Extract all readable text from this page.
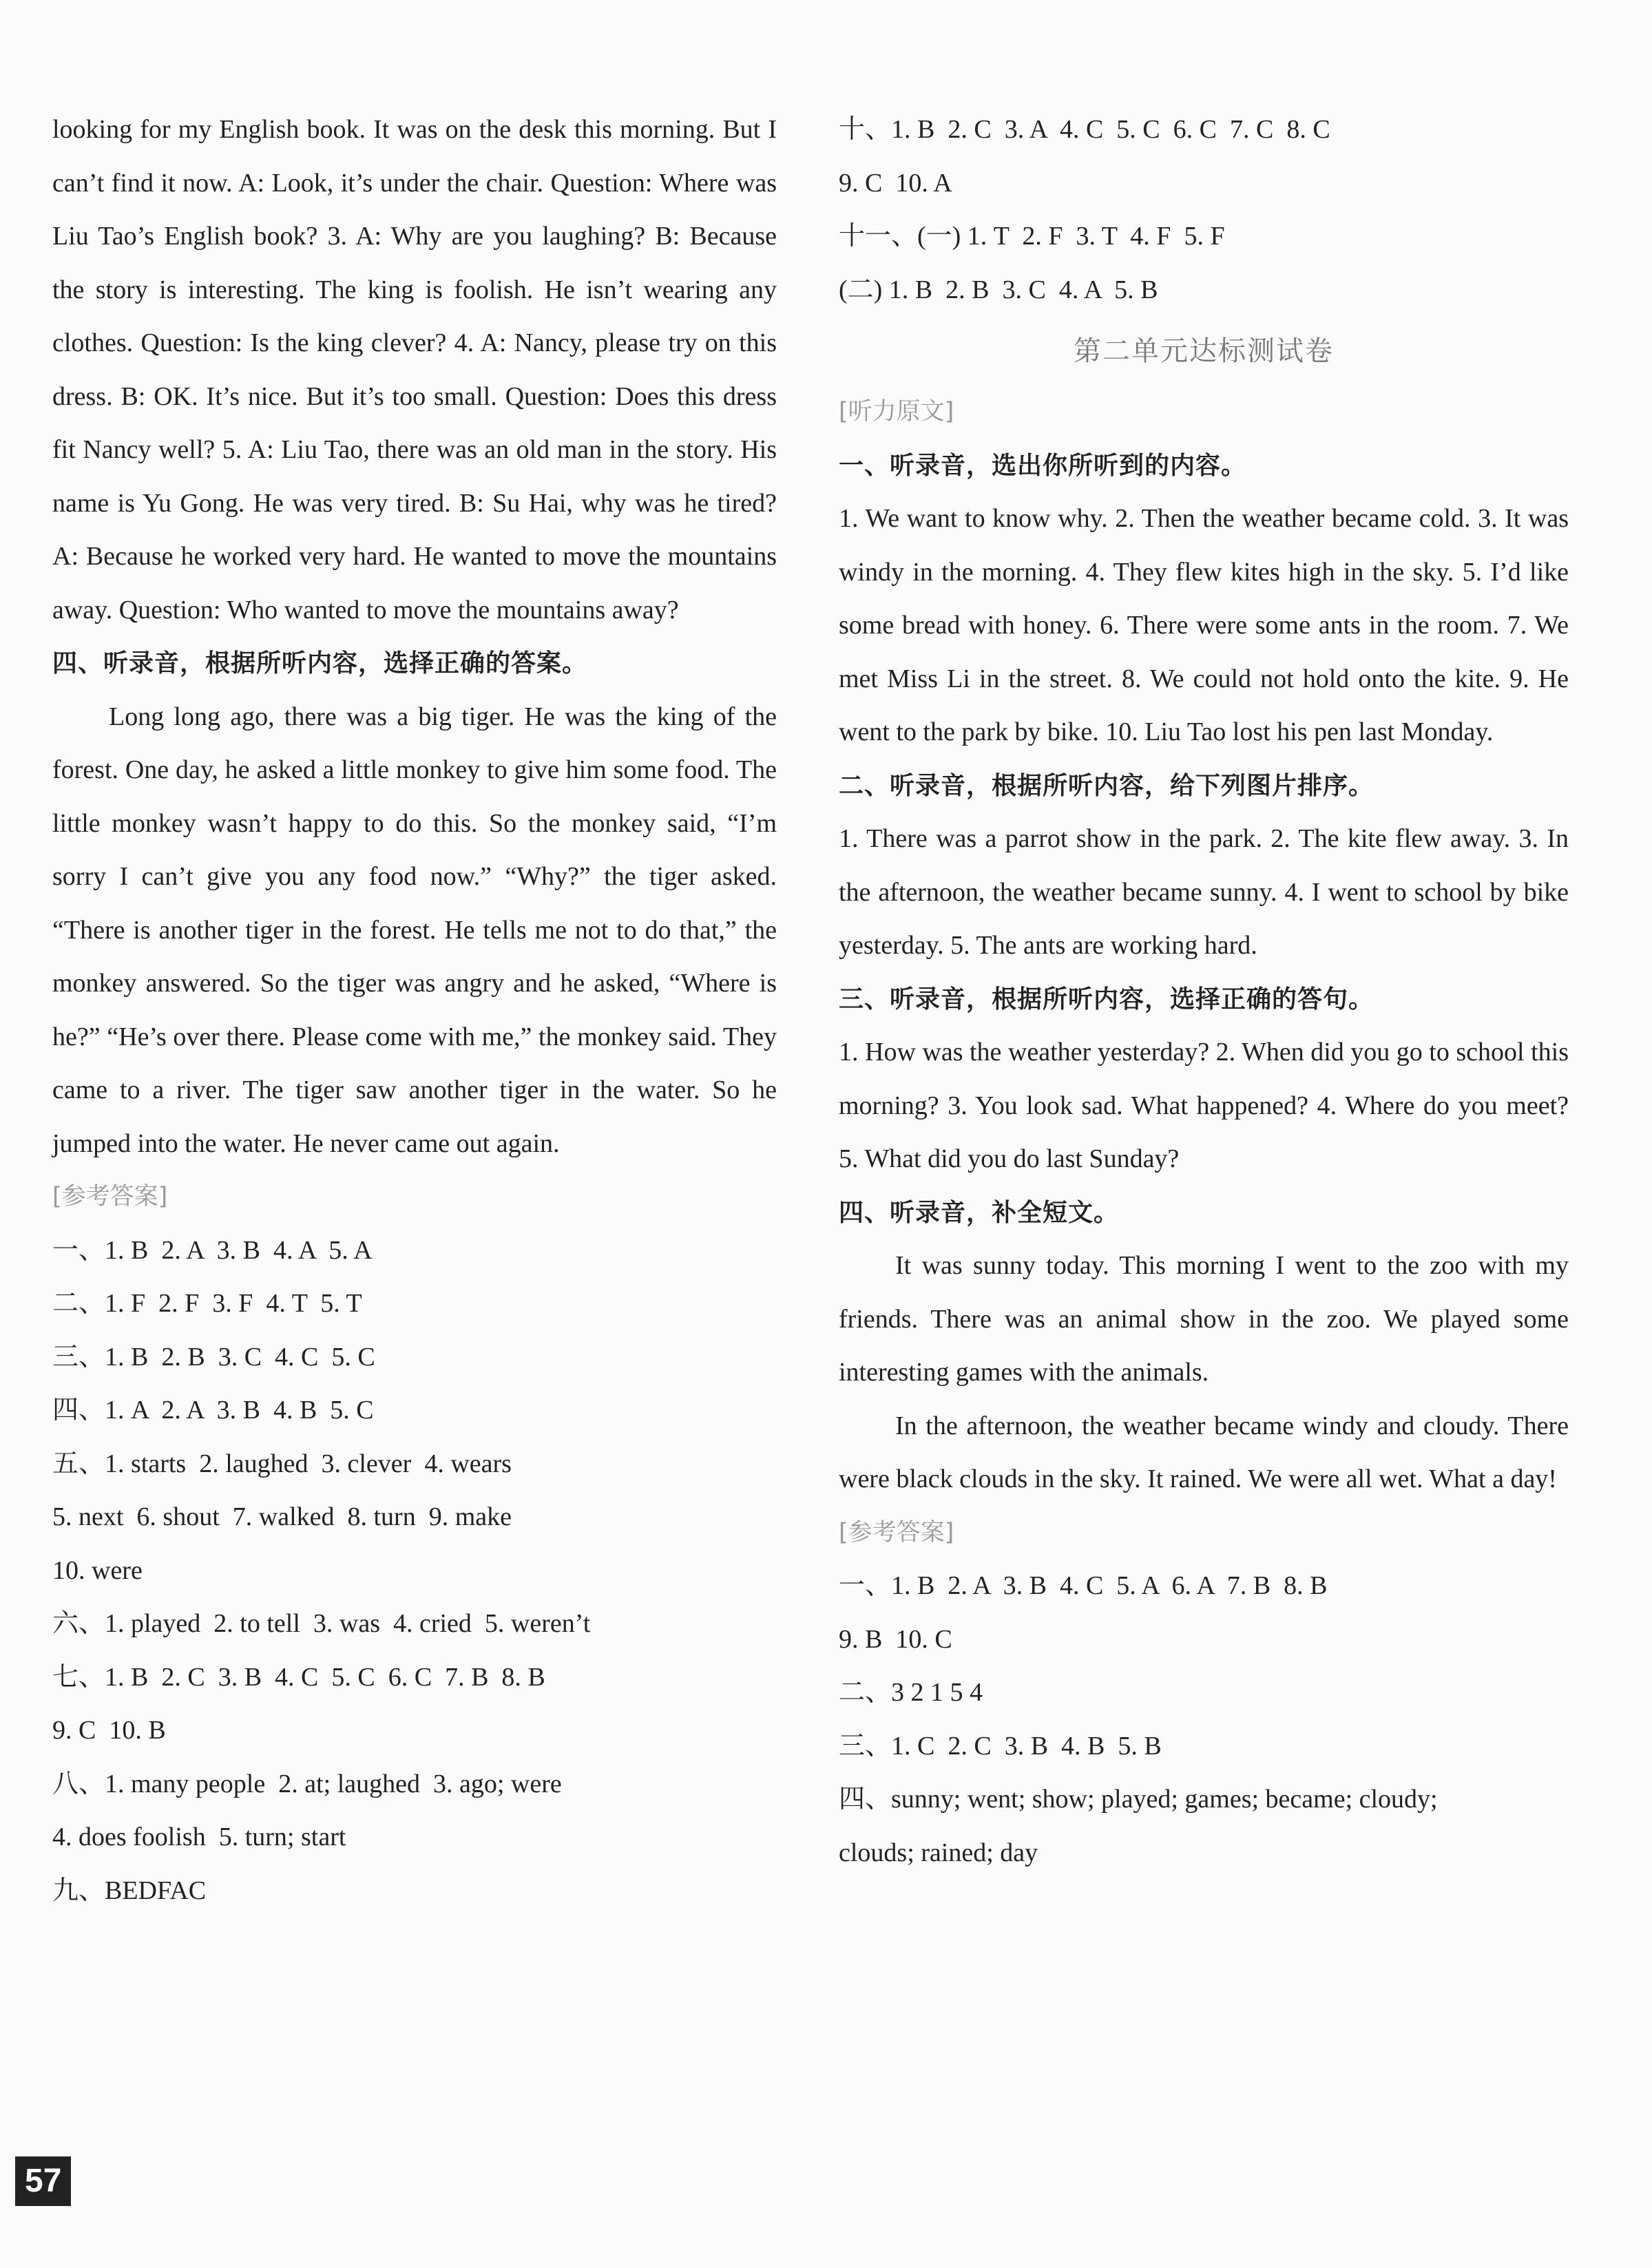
looking for my English book. It was on the desk this morning. But I can’t find it now. A: Look, it’s under the chair. Question: Where was Liu Tao’s English book? 3. A: Why are you laughing? B: Because the story is interesting. The king is foolish. He isn’t wearing any clothes. Question: Is the king clever? 4. A: Nancy, please try on this dress. B: OK. It’s nice. But it’s too small. Question: Does this dress fit Nancy well? 5. A: Liu Tao, there was an old man in the story. His name is Yu Gong. He was very tired. B: Su Hai, why was he tired? A: Because he worked very hard. He wanted to move the mountains away. Question: Who wanted to move the mountains away?

四、听录音，根据所听内容，选择正确的答案。

Long long ago, there was a big tiger. He was the king of the forest. One day, he asked a little monkey to give him some food. The little monkey wasn’t happy to do this. So the monkey said, “I’m sorry I can’t give you any food now.” “Why?” the tiger asked. “There is another tiger in the forest. He tells me not to do that,” the monkey answered. So the tiger was angry and he asked, “Where is he?” “He’s over there. Please come with me,” the monkey said. They came to a river. The tiger saw another tiger in the water. So he jumped into the water. He never came out again.

[参考答案]

一、1. B  2. A  3. B  4. A  5. A

二、1. F  2. F  3. F  4. T  5. T

三、1. B  2. B  3. C  4. C  5. C

四、1. A  2. A  3. B  4. B  5. C

五、1. starts  2. laughed  3. clever  4. wears

5. next  6. shout  7. walked  8. turn  9. make

10. were

六、1. played  2. to tell  3. was  4. cried  5. weren’t

七、1. B  2. C  3. B  4. C  5. C  6. C  7. B  8. B

9. C  10. B

八、1. many people  2. at; laughed  3. ago; were

4. does foolish  5. turn; start

九、BEDFAC

十、1. B  2. C  3. A  4. C  5. C  6. C  7. C  8. C

9. C  10. A

十一、(一) 1. T  2. F  3. T  4. F  5. F

(二) 1. B  2. B  3. C  4. A  5. B

第二单元达标测试卷

[听力原文]

一、听录音，选出你所听到的内容。

1. We want to know why. 2. Then the weather became cold. 3. It was windy in the morning. 4. They flew kites high in the sky. 5. I’d like some bread with honey. 6. There were some ants in the room. 7. We met Miss Li in the street. 8. We could not hold onto the kite. 9. He went to the park by bike. 10. Liu Tao lost his pen last Monday.

二、听录音，根据所听内容，给下列图片排序。

1. There was a parrot show in the park. 2. The kite flew away. 3. In the afternoon, the weather became sunny. 4. I went to school by bike yesterday. 5. The ants are working hard.

三、听录音，根据所听内容，选择正确的答句。

1. How was the weather yesterday? 2. When did you go to school this morning? 3. You look sad. What happened? 4. Where do you meet? 5. What did you do last Sunday?

四、听录音，补全短文。

It was sunny today. This morning I went to the zoo with my friends. There was an animal show in the zoo. We played some interesting games with the animals.

In the afternoon, the weather became windy and cloudy. There were black clouds in the sky. It rained. We were all wet. What a day!

[参考答案]

一、1. B  2. A  3. B  4. C  5. A  6. A  7. B  8. B

9. B  10. C

二、3 2 1 5 4

三、1. C  2. C  3. B  4. B  5. B

四、sunny; went; show; played; games; became; cloudy;

clouds; rained; day

57
